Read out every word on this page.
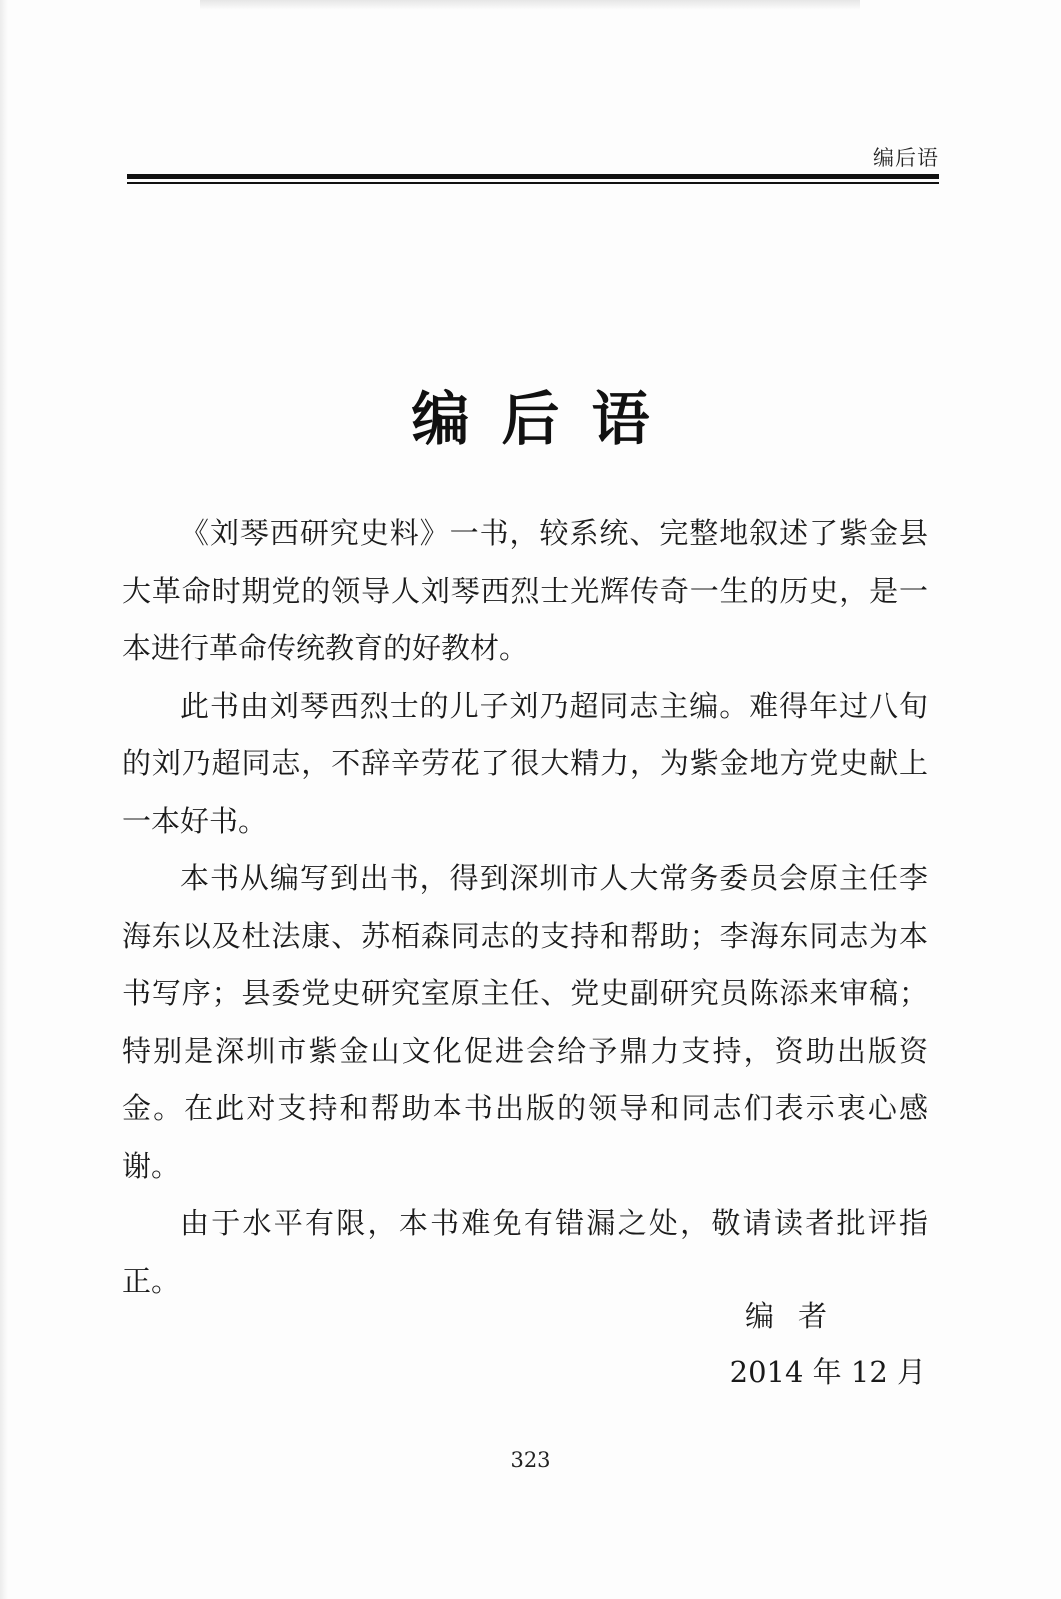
编后语
编后语

《刘琴西研究史料》一书，较系统、完整地叙述了紫金县大革命时期党的领导人刘琴西烈士光辉传奇一生的历史，是一本进行革命传统教育的好教材。

此书由刘琴西烈士的儿子刘乃超同志主编。难得年过八旬的刘乃超同志，不辞辛劳花了很大精力，为紫金地方党史献上一本好书。

本书从编写到出书，得到深圳市人大常务委员会原主任李海东以及杜法康、苏栢森同志的支持和帮助；李海东同志为本书写序；县委党史研究室原主任、党史副研究员陈添来审稿；特别是深圳市紫金山文化促进会给予鼎力支持，资助出版资金。在此对支持和帮助本书出版的领导和同志们表示衷心感谢。

由于水平有限，本书难免有错漏之处，敬请读者批评指正。

编者
2014 年 12 月
323
